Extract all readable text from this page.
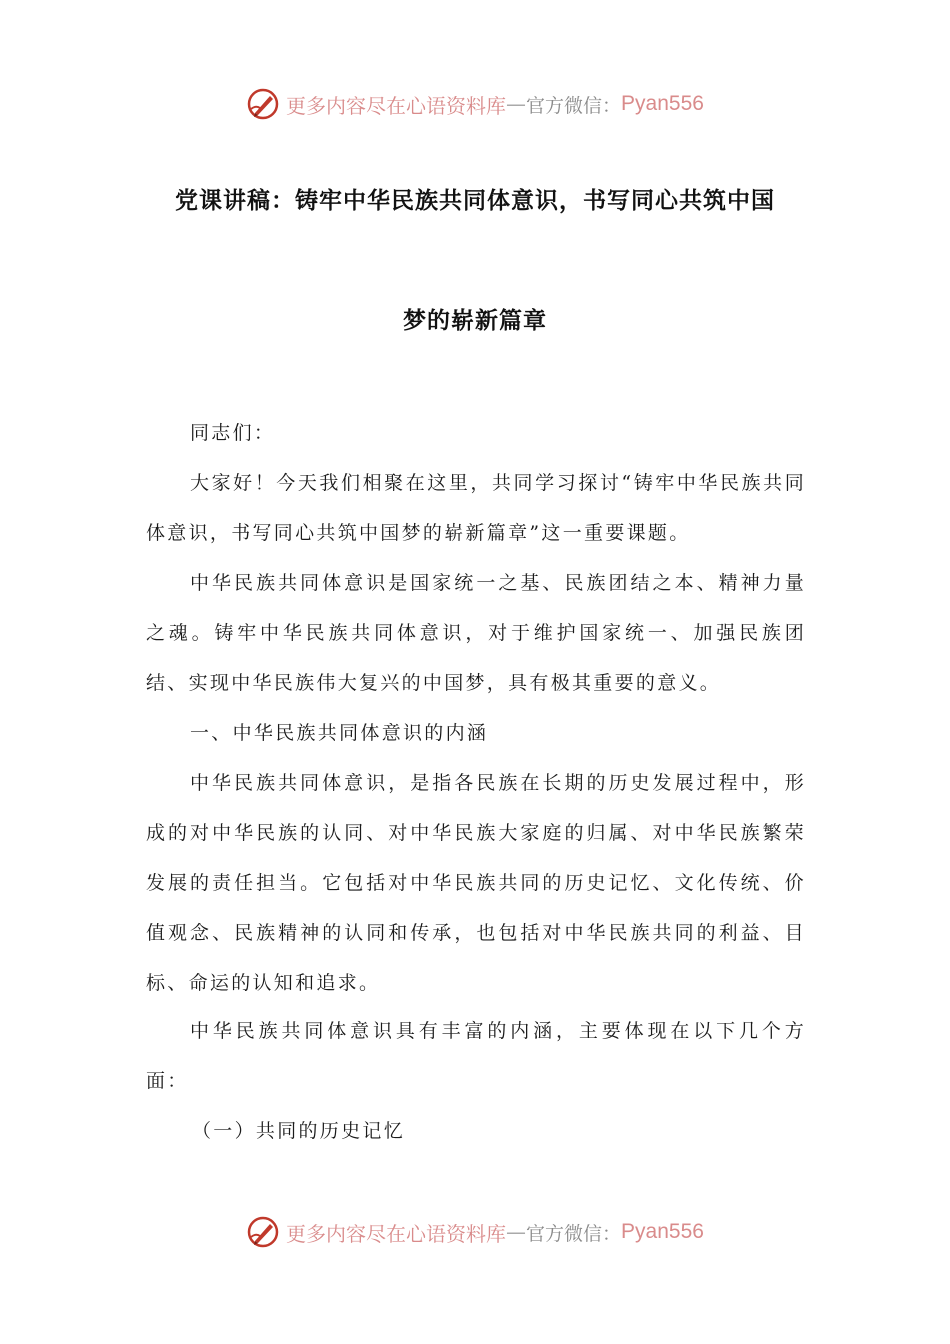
更多内容尽在心语资料库 — 官方微信： Pyan556
党课讲稿：铸牢中华民族共同体意识，书写同心共筑中国
梦的崭新篇章

同志们：

大家好！今天我们相聚在这里，共同学习探讨“铸牢中华民族共同体意识，书写同心共筑中国梦的崭新篇章”这一重要课题。

中华民族共同体意识是国家统一之基、民族团结之本、精神力量之魂。铸牢中华民族共同体意识，对于维护国家统一、加强民族团结、实现中华民族伟大复兴的中国梦，具有极其重要的意义。

一、中华民族共同体意识的内涵

中华民族共同体意识，是指各民族在长期的历史发展过程中，形成的对中华民族的认同、对中华民族大家庭的归属、对中华民族繁荣发展的责任担当。它包括对中华民族共同的历史记忆、文化传统、价值观念、民族精神的认同和传承，也包括对中华民族共同的利益、目标、命运的认知和追求。

中华民族共同体意识具有丰富的内涵，主要体现在以下几个方面：

（一）共同的历史记忆

更多内容尽在心语资料库 — 官方微信： Pyan556
